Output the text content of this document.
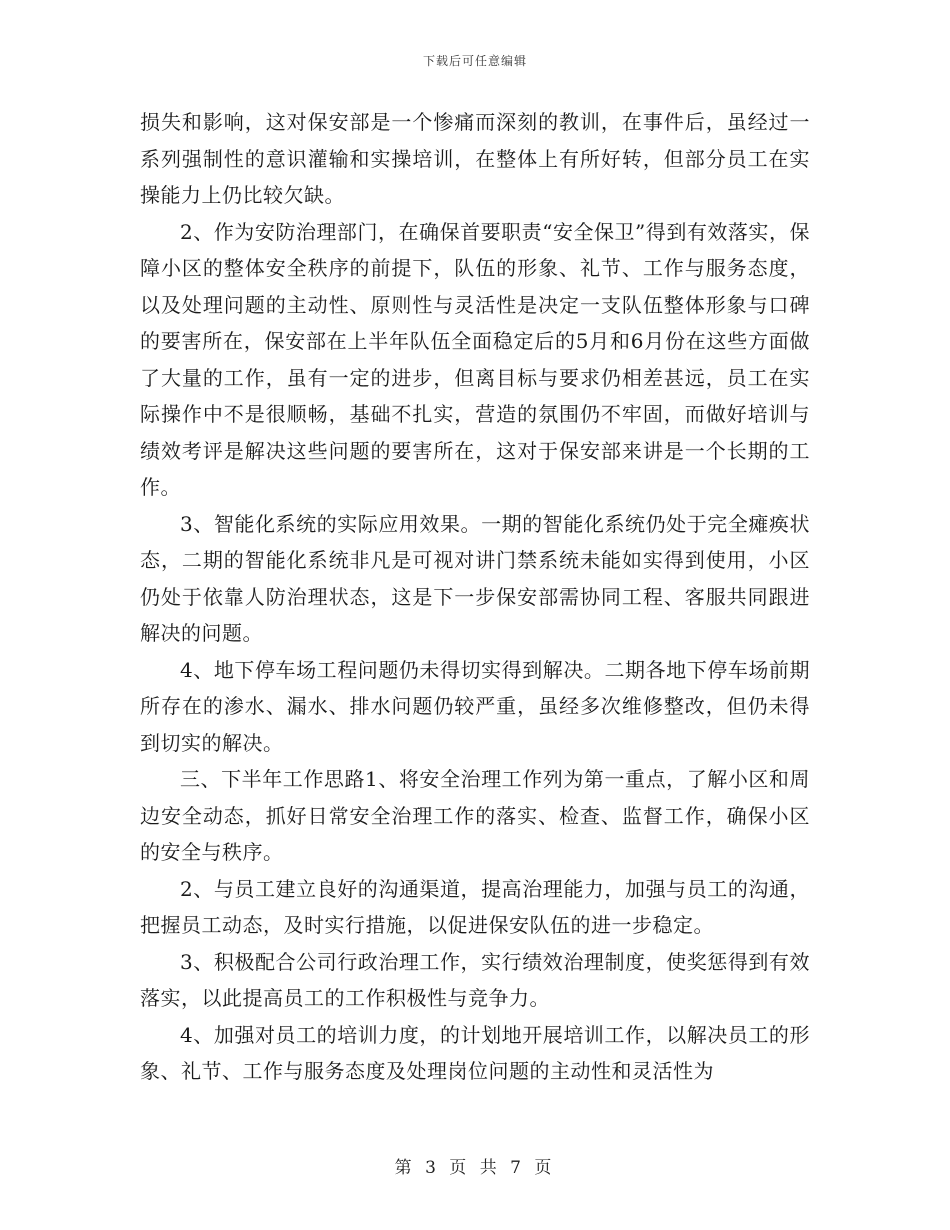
下载后可任意编辑

损失和影响，这对保安部是一个惨痛而深刻的教训，在事件后，虽经过一系列强制性的意识灌输和实操培训，在整体上有所好转，但部分员工在实操能力上仍比较欠缺。

2、作为安防治理部门，在确保首要职责“安全保卫”得到有效落实，保障小区的整体安全秩序的前提下，队伍的形象、礼节、工作与服务态度，以及处理问题的主动性、原则性与灵活性是决定一支队伍整体形象与口碑的要害所在，保安部在上半年队伍全面稳定后的5月和6月份在这些方面做了大量的工作，虽有一定的进步，但离目标与要求仍相差甚远，员工在实际操作中不是很顺畅，基础不扎实，营造的氛围仍不牢固，而做好培训与绩效考评是解决这些问题的要害所在，这对于保安部来讲是一个长期的工作。

3、智能化系统的实际应用效果。一期的智能化系统仍处于完全瘫痪状态，二期的智能化系统非凡是可视对讲门禁系统未能如实得到使用，小区仍处于依靠人防治理状态，这是下一步保安部需协同工程、客服共同跟进解决的问题。

4、地下停车场工程问题仍未得切实得到解决。二期各地下停车场前期所存在的渗水、漏水、排水问题仍较严重，虽经多次维修整改，但仍未得到切实的解决。

三、下半年工作思路1、将安全治理工作列为第一重点，了解小区和周边安全动态，抓好日常安全治理工作的落实、检查、监督工作，确保小区的安全与秩序。

2、与员工建立良好的沟通渠道，提高治理能力，加强与员工的沟通，把握员工动态，及时实行措施，以促进保安队伍的进一步稳定。

3、积极配合公司行政治理工作，实行绩效治理制度，使奖惩得到有效落实，以此提高员工的工作积极性与竞争力。

4、加强对员工的培训力度，的计划地开展培训工作，以解决员工的形象、礼节、工作与服务态度及处理岗位问题的主动性和灵活性为

第 3 页 共 7 页
